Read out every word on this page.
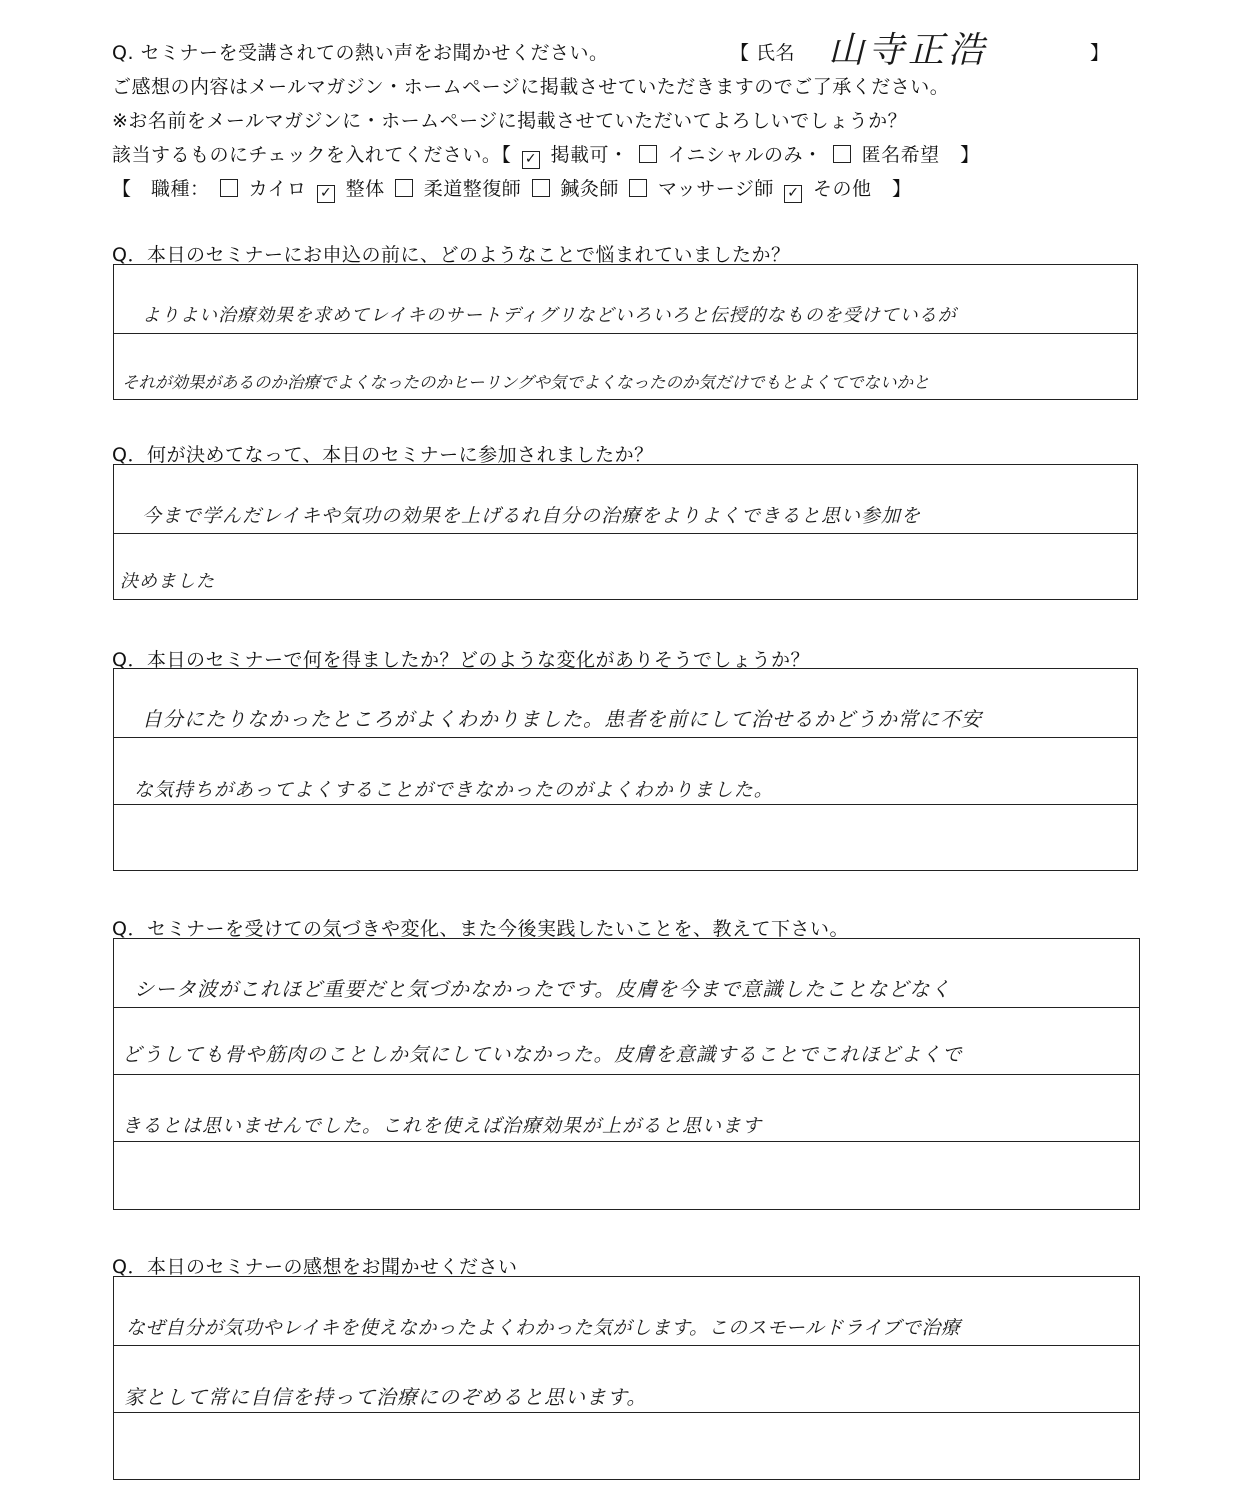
Q. セミナーを受講されての熱い声をお聞かせください。	【 氏名 山寺正浩	】
ご感想の内容はメールマガジン・ホームページに掲載させていただきますのでご了承ください。
※お名前をメールマガジンに・ホームページに掲載させていただいてよろしいでしょうか？
該当するものにチェックを入れてください。【 ✓ 掲載可・ イニシャルのみ・ 匿名希望 】
【　職種： カイロ ✓ 整体 柔道整復師 鍼灸師 マッサージ師 ✓ その他 】
Q．本日のセミナーにお申込の前に、どのようなことで悩まれていましたか？
よりよい治療効果を求めてレイキのサートディグリなどいろいろと伝授的なものを受けているが
それが効果があるのか治療でよくなったのかヒーリングや気でよくなったのか気だけでもとよくてでないかと
Q．何が決めてなって、本日のセミナーに参加されましたか？
今まで学んだレイキや気功の効果を上げるれ自分の治療をよりよくできると思い参加を
決めました
Q．本日のセミナーで何を得ましたか？どのような変化がありそうでしょうか？
自分にたりなかったところがよくわかりました。患者を前にして治せるかどうか常に不安
な気持ちがあってよくすることができなかったのがよくわかりました。
Q．セミナーを受けての気づきや変化、また今後実践したいことを、教えて下さい。
シータ波がこれほど重要だと気づかなかったです。皮膚を今まで意識したことなどなく
どうしても骨や筋肉のことしか気にしていなかった。皮膚を意識することでこれほどよくで
きるとは思いませんでした。これを使えば治療効果が上がると思います
Q．本日のセミナーの感想をお聞かせください
なぜ自分が気功やレイキを使えなかったよくわかった気がします。このスモールドライブで治療
家として常に自信を持って治療にのぞめると思います。
